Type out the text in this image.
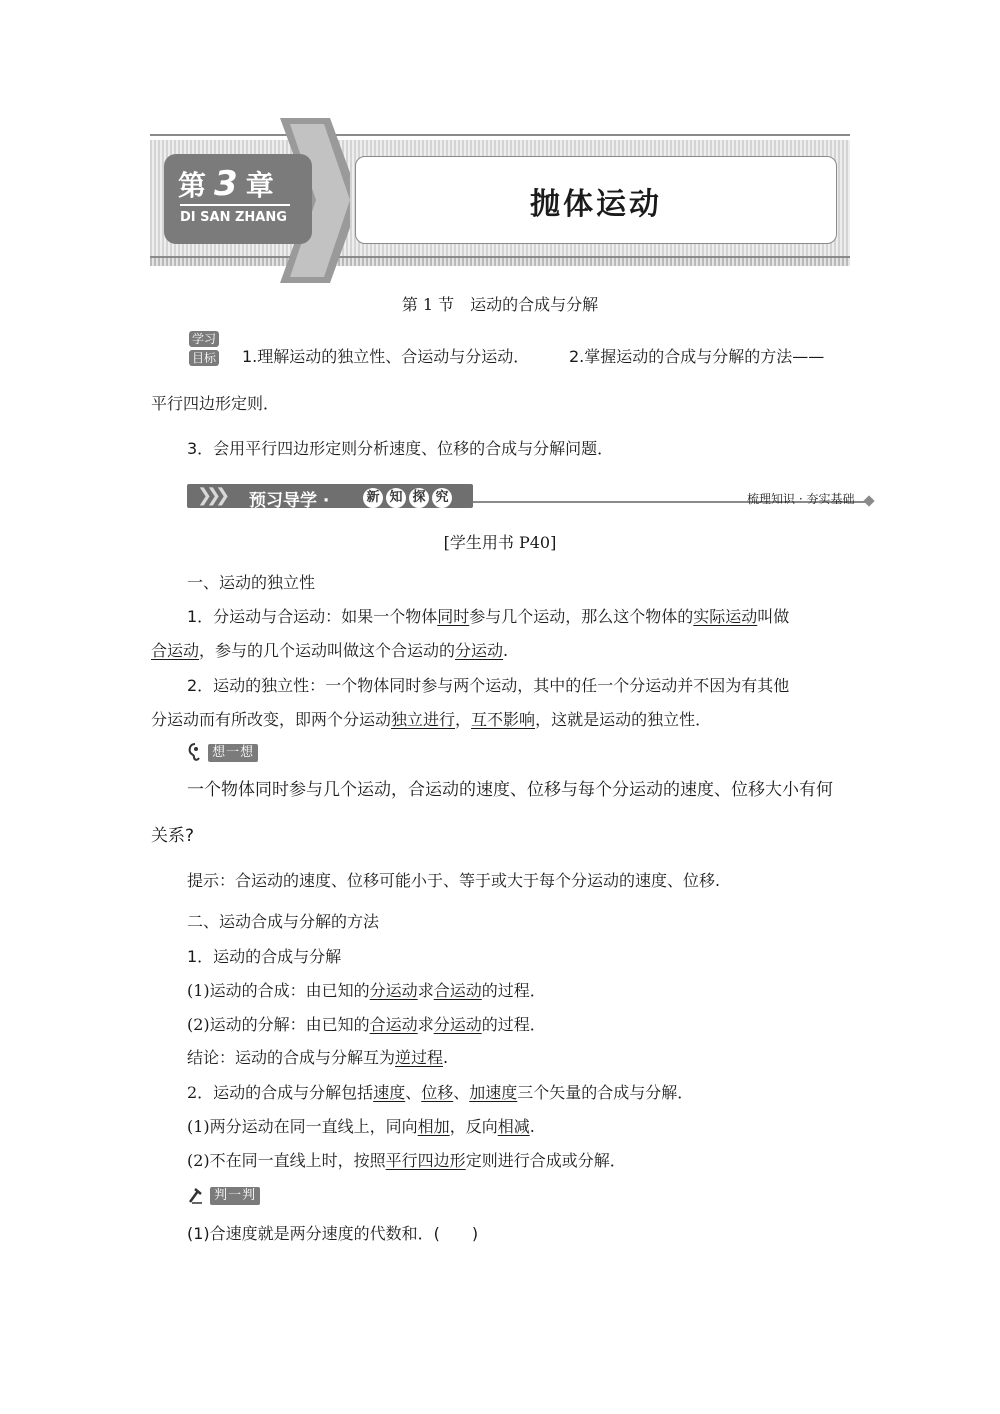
第 3 章
DI SAN ZHANG	抛体运动
第 1 节　运动的合成与分解
学习 目标	1.理解运动的独立性、合运动与分运动． 2.掌握运动的合成与分解的方法——
平行四边形定则．
3．会用平行四边形定则分析速度、位移的合成与分解问题．
❯❯❯ 预习导学 ·	新 知 探 究	梳理知识 · 夯实基础
[学生用书 P40]
一、运动的独立性
1．分运动与合运动：如果一个物体同时参与几个运动，那么这个物体的实际运动叫做
合运动，参与的几个运动叫做这个合运动的分运动.
2．运动的独立性：一个物体同时参与两个运动，其中的任一个分运动并不因为有其他
分运动而有所改变，即两个分运动独立进行，互不影响，这就是运动的独立性．
想一想
一个物体同时参与几个运动，合运动的速度、位移与每个分运动的速度、位移大小有何
关系?
提示：合运动的速度、位移可能小于、等于或大于每个分运动的速度、位移.
二、运动合成与分解的方法
1．运动的合成与分解
(1)运动的合成：由已知的分运动求合运动的过程．
(2)运动的分解：由已知的合运动求分运动的过程．
结论：运动的合成与分解互为逆过程.
2．运动的合成与分解包括速度、位移、加速度三个矢量的合成与分解．
(1)两分运动在同一直线上，同向相加，反向相减.
(2)不在同一直线上时，按照平行四边形定则进行合成或分解．
判一判
(1)合速度就是两分速度的代数和．(　　)
